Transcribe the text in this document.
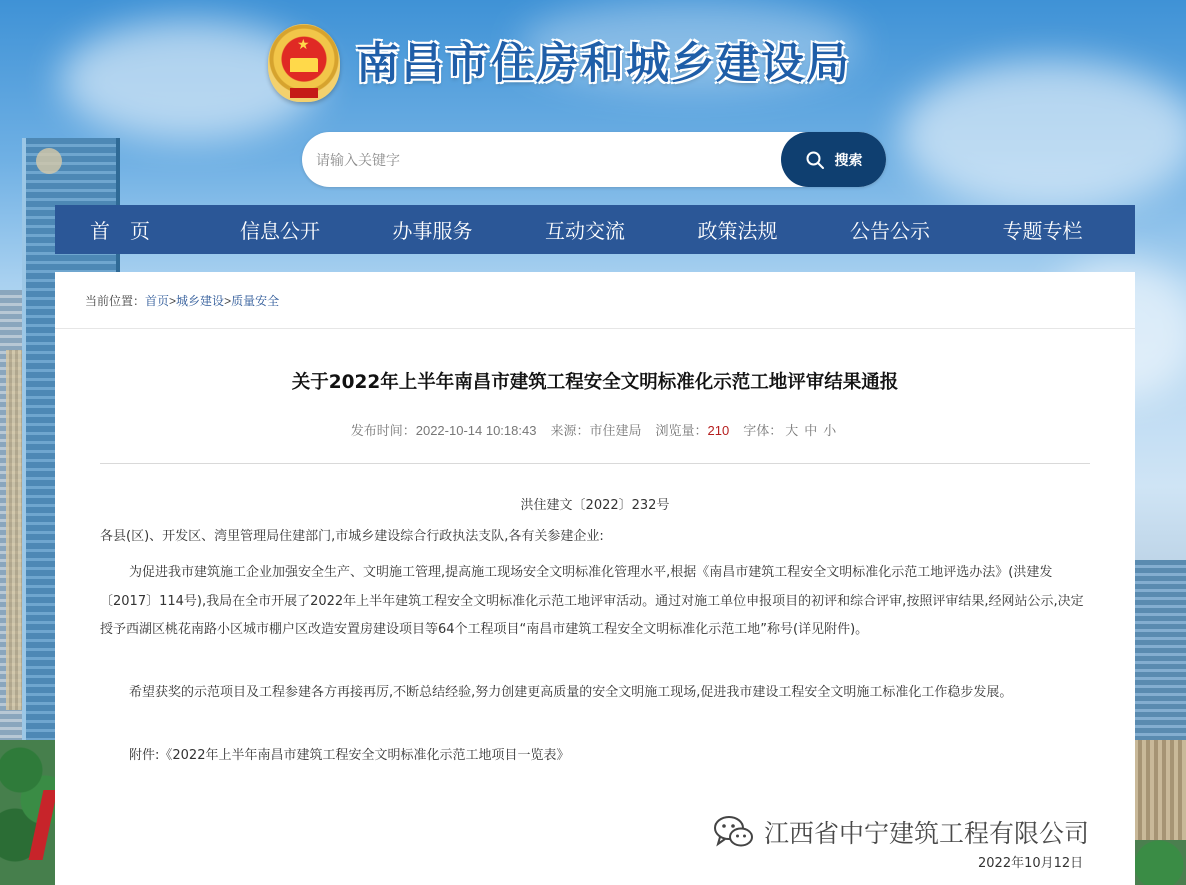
★ 南昌市住房和城乡建设局
请输入关键字
搜索
首　页	信息公开	办事服务	互动交流	政策法规	公告公示	专题专栏
当前位置：首页>城乡建设>质量安全
关于2022年上半年南昌市建筑工程安全文明标准化示范工地评审结果通报
发布时间：2022-10-14 10:18:43 来源：市住建局 浏览量：210 字体： 大 中 小
洪住建文〔2022〕232号
各县(区)、开发区、湾里管理局住建部门,市城乡建设综合行政执法支队,各有关参建企业:
为促进我市建筑施工企业加强安全生产、文明施工管理,提高施工现场安全文明标准化管理水平,根据《南昌市建筑工程安全文明标准化示范工地评选办法》(洪建发〔2017〕114号),我局在全市开展了2022年上半年建筑工程安全文明标准化示范工地评审活动。通过对施工单位申报项目的初评和综合评审,按照评审结果,经网站公示,决定授予西湖区桃花南路小区城市棚户区改造安置房建设项目等64个工程项目“南昌市建筑工程安全文明标准化示范工地”称号(详见附件)。
希望获奖的示范项目及工程参建各方再接再厉,不断总结经验,努力创建更高质量的安全文明施工现场,促进我市建设工程安全文明施工标准化工作稳步发展。
附件:《2022年上半年南昌市建筑工程安全文明标准化示范工地项目一览表》
江西省中宁建筑工程有限公司
2022年10月12日
